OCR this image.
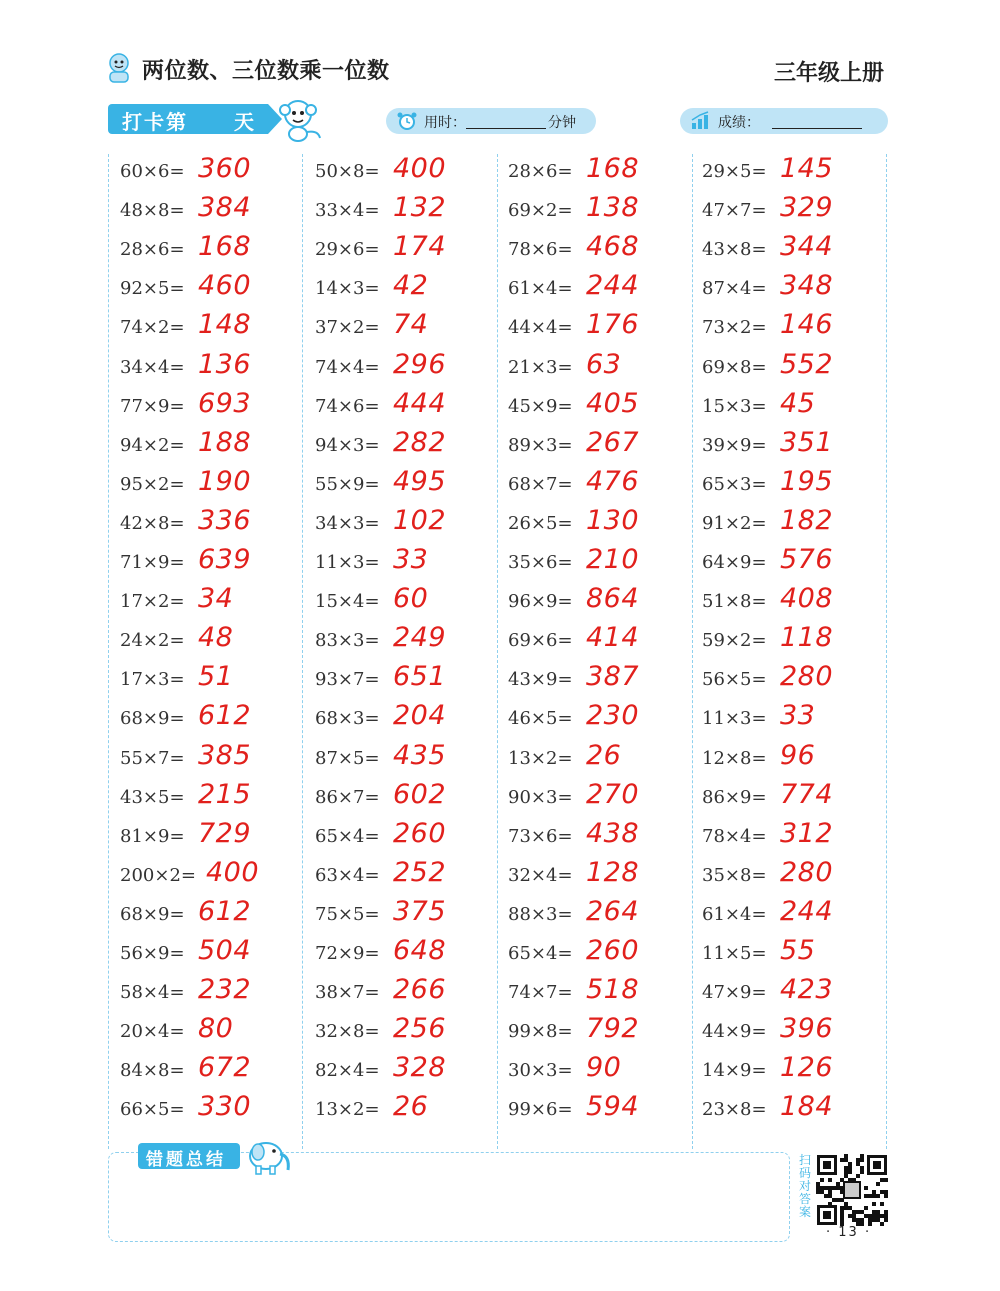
两位数、三位数乘一位数	三年级上册
打卡第 天	用时：	分钟	成绩：
60×6= 360
48×8= 384
28×6= 168
92×5= 460
74×2= 148
34×4= 136
77×9= 693
94×2= 188
95×2= 190
42×8= 336
71×9= 639
17×2= 34
24×2= 48
17×3= 51
68×9= 612
55×7= 385
43×5= 215
81×9= 729
200×2= 400
68×9= 612
56×9= 504
58×4= 232
20×4= 80
84×8= 672
66×5= 330
50×8= 400
33×4= 132
29×6= 174
14×3= 42
37×2= 74
74×4= 296
74×6= 444
94×3= 282
55×9= 495
34×3= 102
11×3= 33
15×4= 60
83×3= 249
93×7= 651
68×3= 204
87×5= 435
86×7= 602
65×4= 260
63×4= 252
75×5= 375
72×9= 648
38×7= 266
32×8= 256
82×4= 328
13×2= 26
28×6= 168
69×2= 138
78×6= 468
61×4= 244
44×4= 176
21×3= 63
45×9= 405
89×3= 267
68×7= 476
26×5= 130
35×6= 210
96×9= 864
69×6= 414
43×9= 387
46×5= 230
13×2= 26
90×3= 270
73×6= 438
32×4= 128
88×3= 264
65×4= 260
74×7= 518
99×8= 792
30×3= 90
99×6= 594
29×5= 145
47×7= 329
43×8= 344
87×4= 348
73×2= 146
69×8= 552
15×3= 45
39×9= 351
65×3= 195
91×2= 182
64×9= 576
51×8= 408
59×2= 118
56×5= 280
11×3= 33
12×8= 96
86×9= 774
78×4= 312
35×8= 280
61×4= 244
11×5= 55
47×9= 423
44×9= 396
14×9= 126
23×8= 184
错题总结	扫码对答案
· 13 ·
